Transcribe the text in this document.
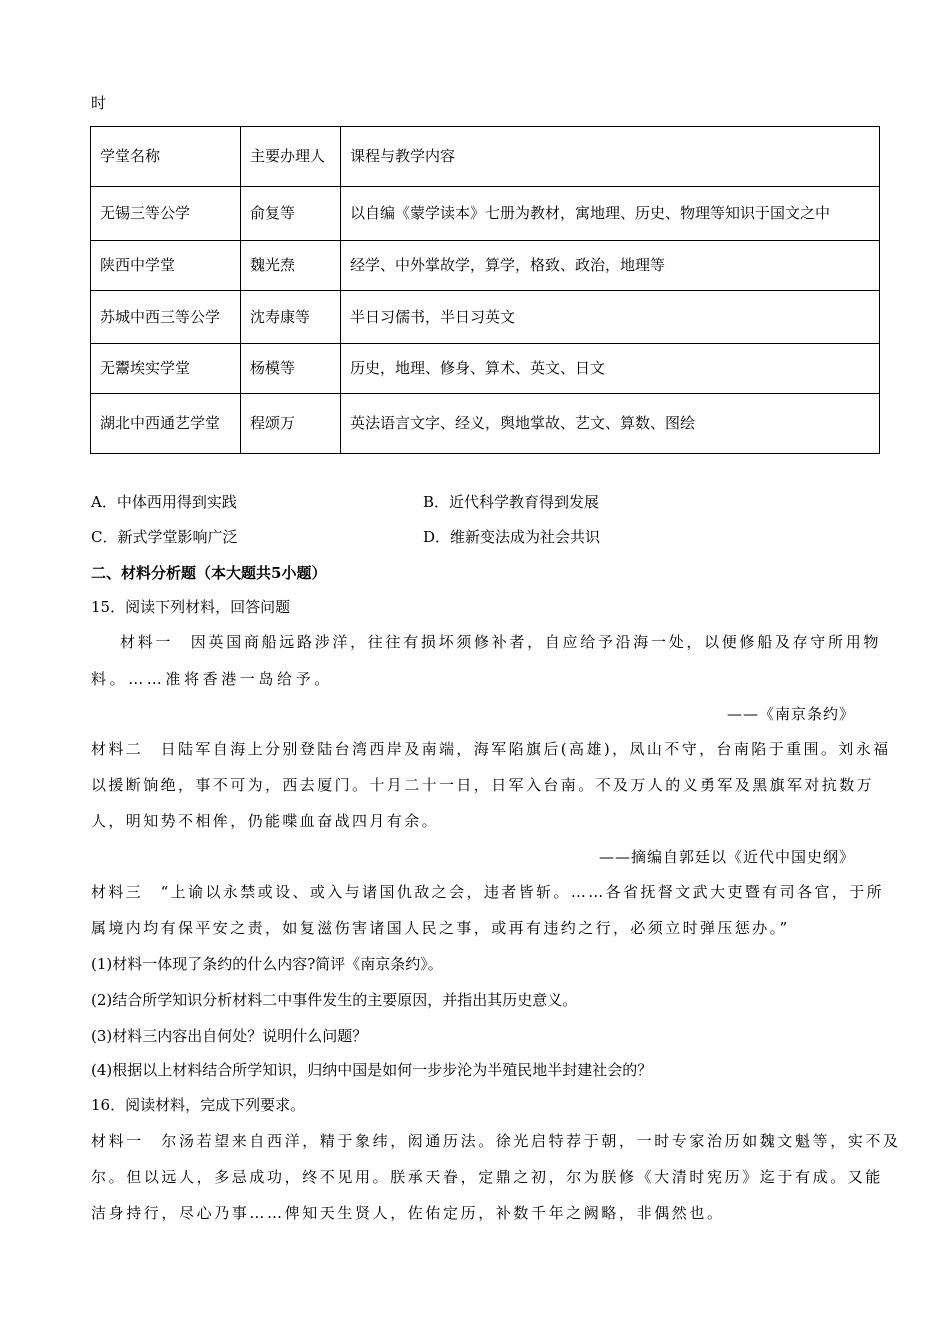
时
学堂名称	主要办理人	课程与教学内容
无锡三等公学	俞复等	以自编《蒙学读本》七册为教材，寓地理、历史、物理等知识于国文之中
陕西中学堂	魏光焘	经学、中外掌故学，算学，格致、政治，地理等
苏城中西三等公学	沈寿康等	半日习儒书，半日习英文
无鬻埃实学堂	杨模等	历史，地理、修身、算术、英文、日文
湖北中西通艺学堂	程颂万	英法语言文字、经义，舆地掌故、艺文、算数、图绘
A．中体西用得到实践	B．近代科学教育得到发展
C．新式学堂影响广泛	D．维新变法成为社会共识
二、材料分析题（本大题共5小题）
15．阅读下列材料，回答问题
材料一　因英国商船远路涉洋，往往有损坏须修补者，自应给予沿海一处，以便修船及存守所用物
料。……准将香港一岛给予。
——《南京条约》
材料二　日陆军自海上分别登陆台湾西岸及南端，海军陷旗后(高雄)，凤山不守，台南陷于重围。刘永福
以援断饷绝，事不可为，西去厦门。十月二十一日，日军入台南。不及万人的义勇军及黑旗军对抗数万
人，明知势不相侔，仍能喋血奋战四月有余。
——摘编自郭廷以《近代中国史纲》
材料三　“上谕以永禁或设、或入与诸国仇敌之会，违者皆斩。……各省抚督文武大吏暨有司各官，于所
属境内均有保平安之责，如复滋伤害诸国人民之事，或再有违约之行，必须立时弹压惩办。”
(1)材料一体现了条约的什么内容?简评《南京条约》。
(2)结合所学知识分析材料二中事件发生的主要原因，并指出其历史意义。
(3)材料三内容出自何处？说明什么问题？
(4)根据以上材料结合所学知识，归纳中国是如何一步步沦为半殖民地半封建社会的？
16．阅读材料，完成下列要求。
材料一　尔汤若望来自西洋，精于象纬，闳通历法。徐光启特荐于朝，一时专家治历如魏文魁等，实不及
尔。但以远人，多忌成功，终不见用。朕承天眷，定鼎之初，尔为朕修《大清时宪历》迄于有成。又能
洁身持行，尽心乃事……俾知天生贤人，佐佑定历，补数千年之阙略，非偶然也。
